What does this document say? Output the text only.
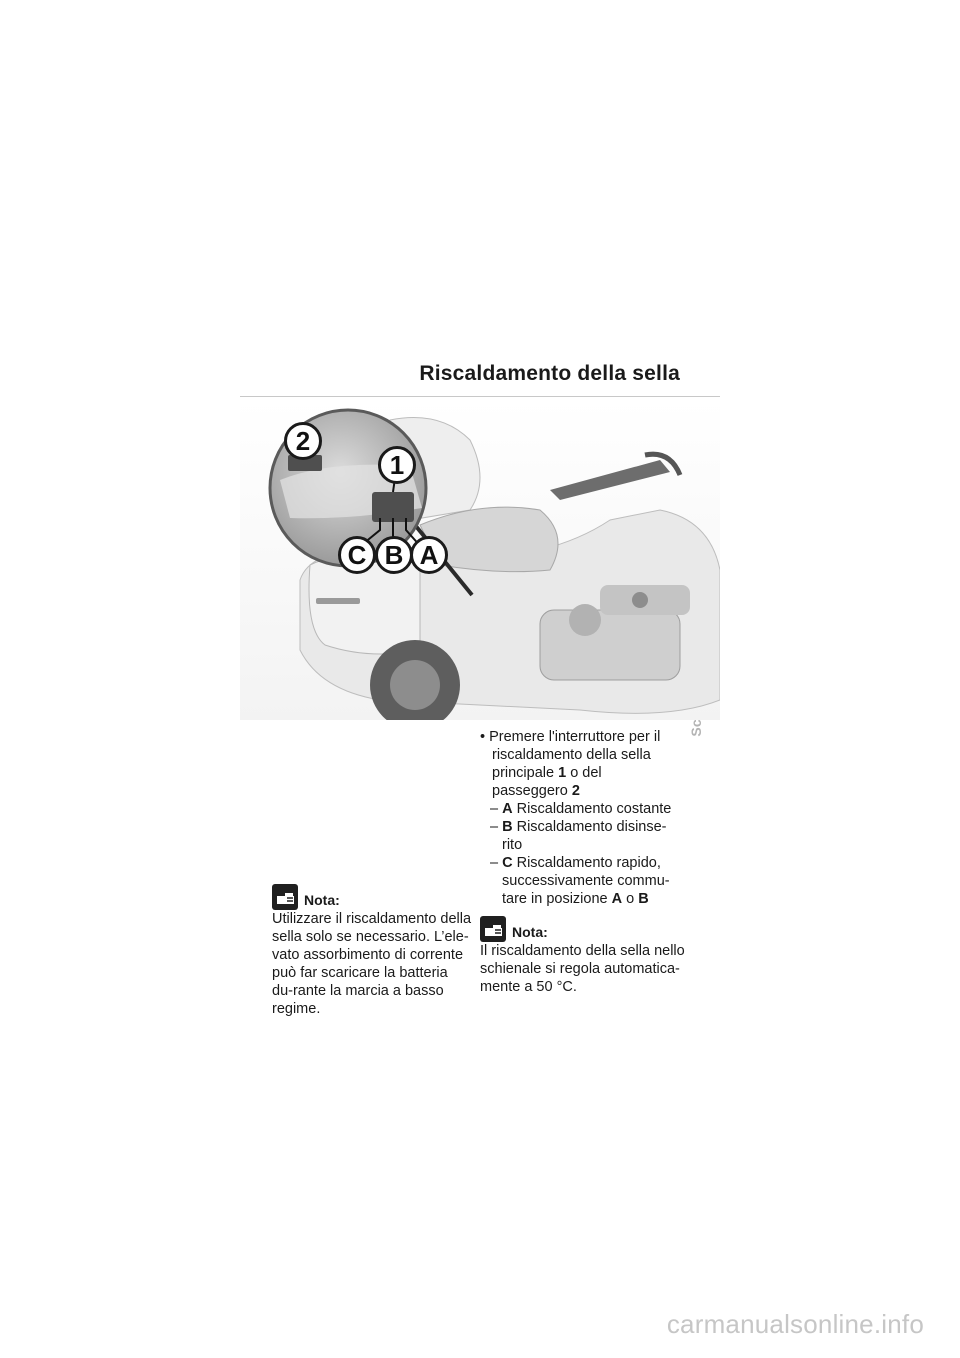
Riscaldamento della sella
2
1
C B A
• Premere l'interruttore per il riscaldamento della sella principale 1 o del passeggero 2
– A Riscaldamento costante
– B Riscaldamento disinse-rito
– C Riscaldamento rapido, successivamente commu-tare in posizione A o B
Nota:
Utilizzare il riscaldamento della sella solo se necessario. L’ele-vato assorbimento di corrente può far scaricare la batteria du-rante la marcia a basso regime.
Nota:
Il riscaldamento della sella nello schienale si regola automatica-mente a 50 °C.
carmanualsonline.info
